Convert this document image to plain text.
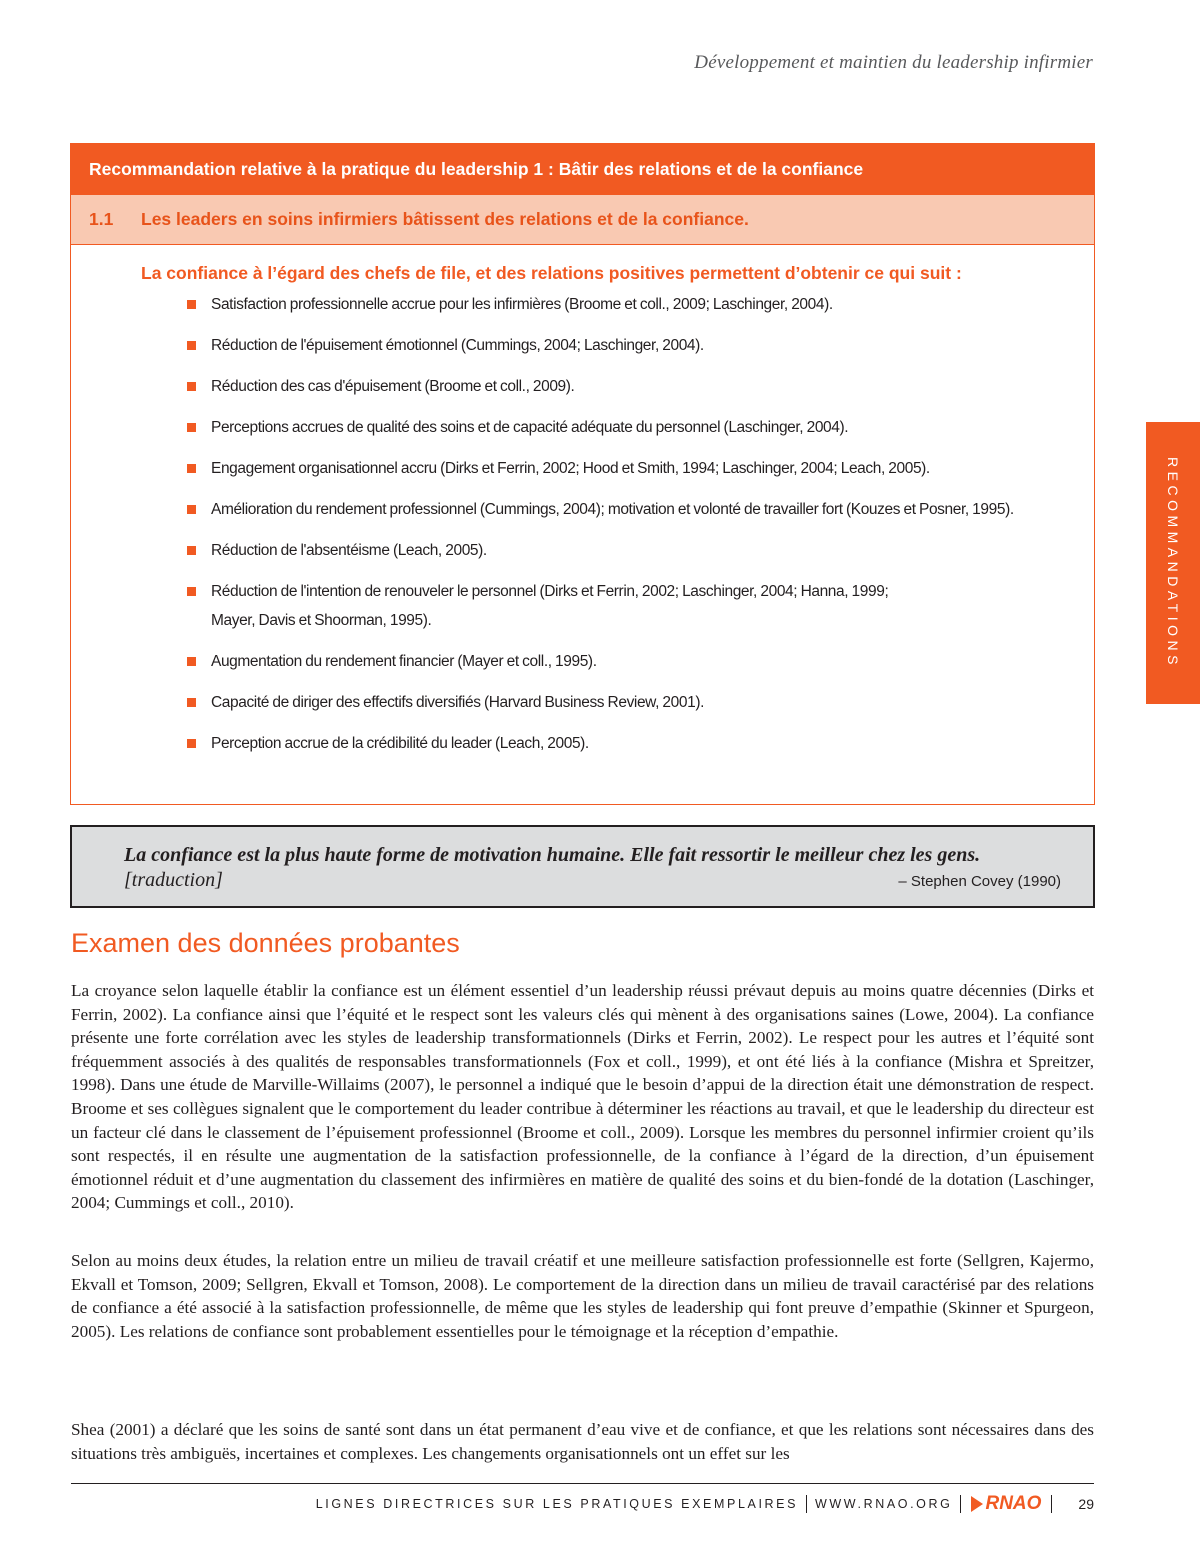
Développement et maintien du leadership infirmier
RECOMMANDATIONS
Recommandation relative à la pratique du leadership 1 : Bâtir des relations et de la confiance
1.1	Les leaders en soins infirmiers bâtissent des relations et de la confiance.
La confiance à l’égard des chefs de file, et des relations positives permettent d’obtenir ce qui suit :
Satisfaction professionnelle accrue pour les infirmières (Broome et coll., 2009; Laschinger, 2004).
Réduction de l'épuisement émotionnel (Cummings, 2004; Laschinger, 2004).
Réduction des cas d'épuisement (Broome et coll., 2009).
Perceptions accrues de qualité des soins et de capacité adéquate du personnel (Laschinger, 2004).
Engagement organisationnel accru (Dirks et Ferrin, 2002; Hood et Smith, 1994; Laschinger, 2004; Leach, 2005).
Amélioration du rendement professionnel (Cummings, 2004); motivation et volonté de travailler fort (Kouzes et Posner, 1995).
Réduction de l'absentéisme (Leach, 2005).
Réduction de l'intention de renouveler le personnel (Dirks et Ferrin, 2002; Laschinger, 2004; Hanna, 1999;
Mayer, Davis et Shoorman, 1995).
Augmentation du rendement financier (Mayer et coll., 1995).
Capacité de diriger des effectifs diversifiés (Harvard Business Review, 2001).
Perception accrue de la crédibilité du leader (Leach, 2005).
La confiance est la plus haute forme de motivation humaine. Elle fait ressortir le meilleur chez les gens.
[traduction]	– Stephen Covey (1990)
Examen des données probantes

La croyance selon laquelle établir la confiance est un élément essentiel d’un leadership réussi prévaut depuis au moins quatre décennies (Dirks et Ferrin, 2002). La confiance ainsi que l’équité et le respect sont les valeurs clés qui mènent à des organisations saines (Lowe, 2004). La confiance présente une forte corrélation avec les styles de leadership transformationnels (Dirks et Ferrin, 2002). Le respect pour les autres et l’équité sont fréquemment associés à des qualités de responsables transformationnels (Fox et coll., 1999), et ont été liés à la confiance (Mishra et Spreitzer, 1998). Dans une étude de Marville-Willaims (2007), le personnel a indiqué que le besoin d’appui de la direction était une démonstration de respect. Broome et ses collègues signalent que le comportement du leader contribue à déterminer les réactions au travail, et que le leadership du directeur est un facteur clé dans le classement de l’épuisement professionnel (Broome et coll., 2009). Lorsque les membres du personnel infirmier croient qu’ils sont respectés, il en résulte une augmentation de la satisfaction professionnelle, de la confiance à l’égard de la direction, d’un épuisement émotionnel réduit et d’une augmentation du classement des infirmières en matière de qualité des soins et du bien-fondé de la dotation (Laschinger, 2004; Cummings et coll., 2010).

Selon au moins deux études, la relation entre un milieu de travail créatif et une meilleure satisfaction professionnelle est forte (Sellgren, Kajermo, Ekvall et Tomson, 2009; Sellgren, Ekvall et Tomson, 2008). Le comportement de la direction dans un milieu de travail caractérisé par des relations de confiance a été associé à la satisfaction professionnelle, de même que les styles de leadership qui font preuve d’empathie (Skinner et Spurgeon, 2005). Les relations de confiance sont probablement essentielles pour le témoignage et la réception d’empathie.

Shea (2001) a déclaré que les soins de santé sont dans un état permanent d’eau vive et de confiance, et que les relations sont nécessaires dans des situations très ambiguës, incertaines et complexes. Les changements organisationnels ont un effet sur les

LIGNES DIRECTRICES SUR LES PRATIQUES EXEMPLAIRES WWW.RNAO.ORG RNAO	29
